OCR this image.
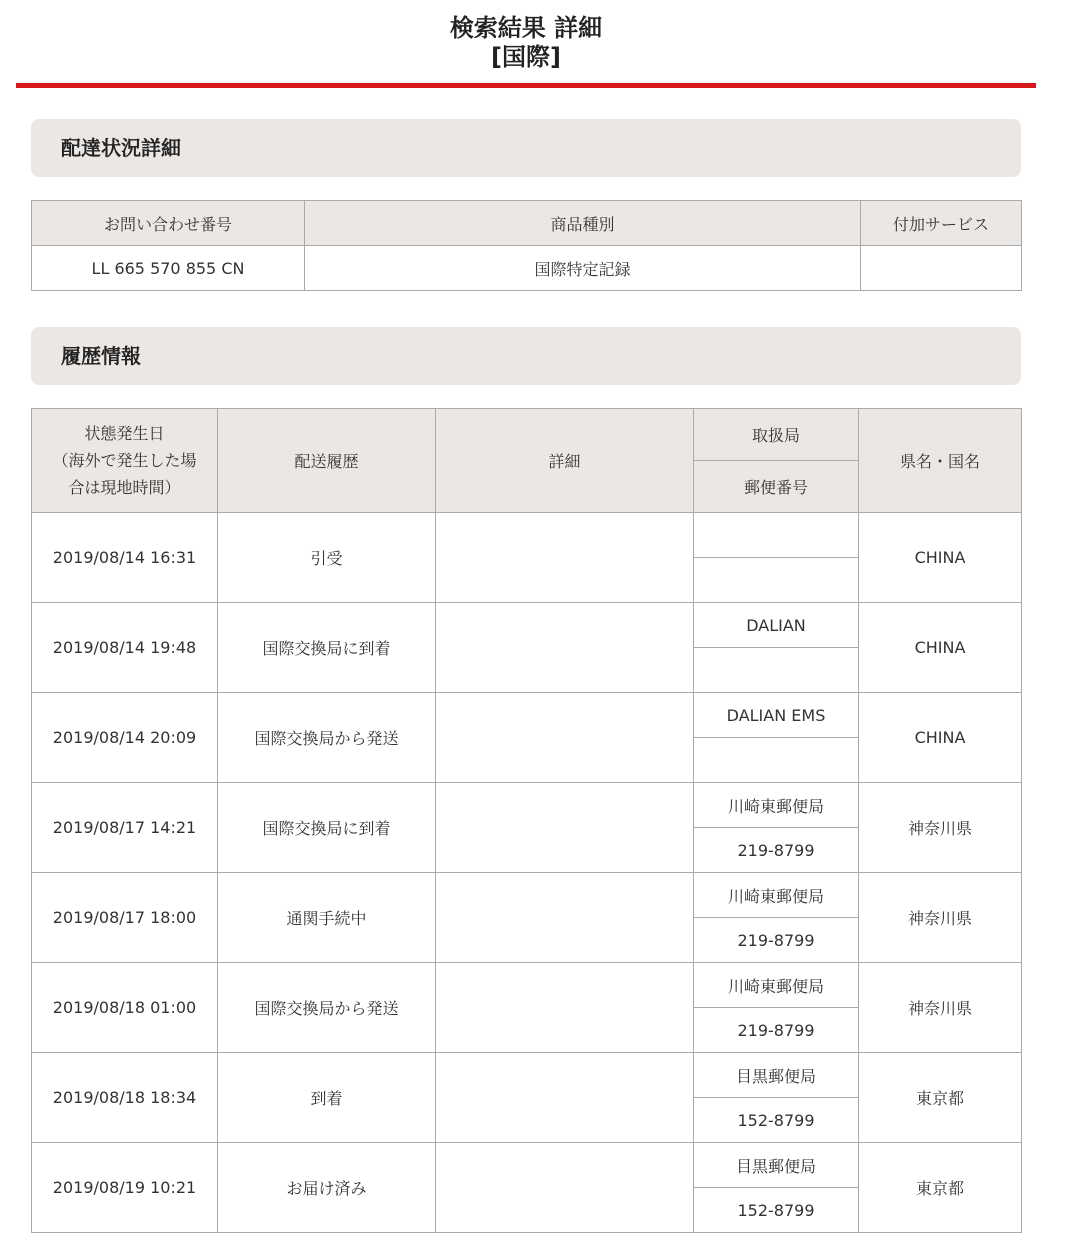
検索結果 詳細
[国際]
配達状況詳細
お問い合わせ番号	商品種別	付加サービス
LL 665 570 855 CN	国際特定記録	
履歴情報
状態発生日
（海外で発生した場
合は現地時間）	配送履歴	詳細	取扱局	県名・国名
			郵便番号	
2019/08/14 16:31	引受			CHINA

2019/08/14 19:48	国際交換局に到着		DALIAN	CHINA

2019/08/14 20:09	国際交換局から発送		DALIAN EMS	CHINA

2019/08/17 14:21	国際交換局に到着		川崎東郵便局	神奈川県
			219-8799	
2019/08/17 18:00	通関手続中		川崎東郵便局	神奈川県
			219-8799	
2019/08/18 01:00	国際交換局から発送		川崎東郵便局	神奈川県
			219-8799	
2019/08/18 18:34	到着		目黒郵便局	東京都
			152-8799	
2019/08/19 10:21	お届け済み		目黒郵便局	東京都
			152-8799	
